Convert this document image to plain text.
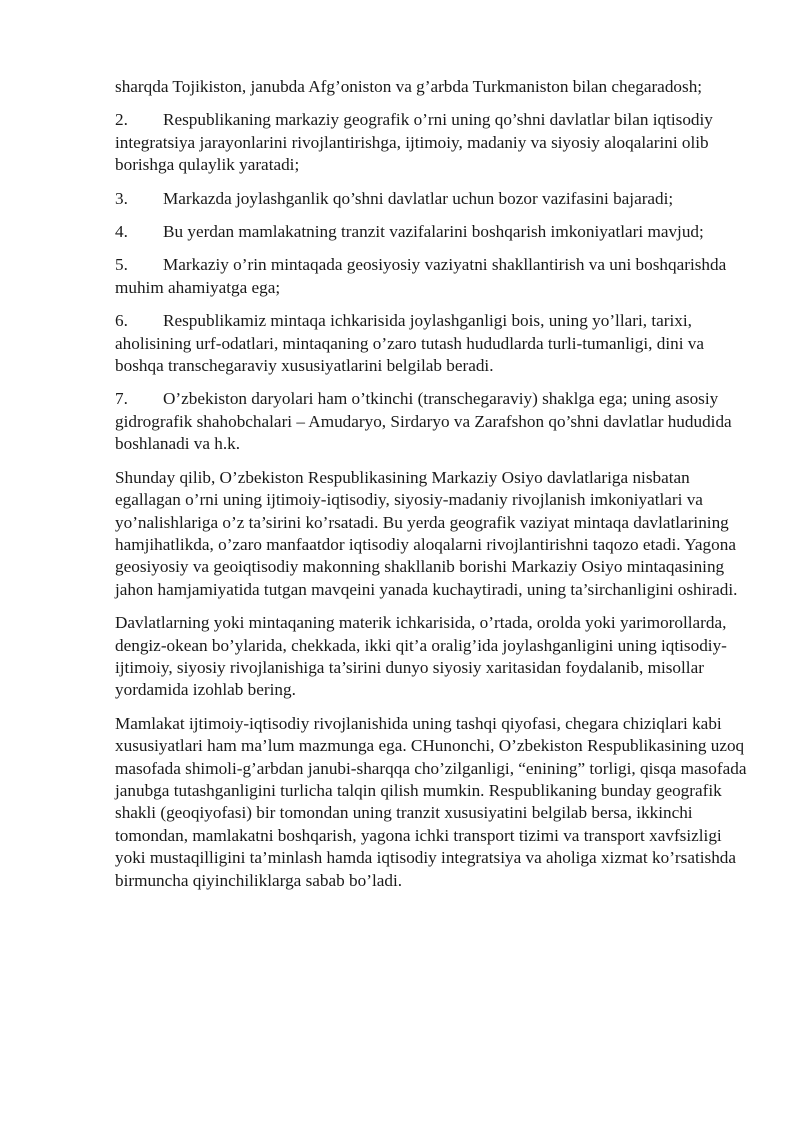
sharqda Tojikiston, janubda Afg’oniston va g’arbda Turkmaniston bilan chegaradosh;

2. Respublikaning markaziy geografik o’rni uning qo’shni davlatlar bilan iqtisodiy integratsiya jarayonlarini rivojlantirishga, ijtimoiy, madaniy va siyosiy aloqalarini olib borishga qulaylik yaratadi;
3. Markazda joylashganlik qo’shni davlatlar uchun bozor vazifasini bajaradi;
4. Bu yerdan mamlakatning tranzit vazifalarini boshqarish imkoniyatlari mavjud;
5. Markaziy o’rin mintaqada geosiyosiy vaziyatni shakllantirish va uni boshqarishda muhim ahamiyatga ega;
6. Respublikamiz mintaqa ichkarisida joylashganligi bois, uning yo’llari, tarixi, aholisining urf-odatlari, mintaqaning o’zaro tutash hududlarda turli-tumanligi, dini va boshqa transchegaraviy xususiyatlarini belgilab beradi.
7. O’zbekiston daryolari ham o’tkinchi (transchegaraviy) shaklga ega; uning asosiy gidrografik shahobchalari – Amudaryo, Sirdaryo va Zarafshon qo’shni davlatlar hududida boshlanadi va h.k.

Shunday qilib, O’zbekiston Respublikasining Markaziy Osiyo davlatlariga nisbatan egallagan o’rni uning ijtimoiy-iqtisodiy, siyosiy-madaniy rivojlanish imkoniyatlari va yo’nalishlariga o’z ta’sirini ko’rsatadi. Bu yerda geografik vaziyat mintaqa davlatlarining hamjihatlikda, o’zaro manfaatdor iqtisodiy aloqalarni rivojlantirishni taqozo etadi. Yagona geosiyosiy va geoiqtisodiy makonning shakllanib borishi Markaziy Osiyo mintaqasining jahon hamjamiyatida tutgan mavqeini yanada kuchaytiradi, uning ta’sirchanligini oshiradi.

Davlatlarning yoki mintaqaning materik ichkarisida, o’rtada, orolda yoki yarimorollarda, dengiz-okean bo’ylarida, chekkada, ikki qit’a oralig’ida joylashganligini uning iqtisodiy-ijtimoiy, siyosiy rivojlanishiga ta’sirini dunyo siyosiy xaritasidan foydalanib, misollar yordamida izohlab bering.

Mamlakat ijtimoiy-iqtisodiy rivojlanishida uning tashqi qiyofasi, chegara chiziqlari kabi xususiyatlari ham ma’lum mazmunga ega. CHunonchi, O’zbekiston Respublikasining uzoq masofada shimoli-g’arbdan janubi-sharqqa cho’zilganligi, “enining” torligi, qisqa masofada janubga tutashganligini turlicha talqin qilish mumkin. Respublikaning bunday geografik shakli (geoqiyofasi) bir tomondan uning tranzit xususiyatini belgilab bersa, ikkinchi tomondan, mamlakatni boshqarish, yagona ichki transport tizimi va transport xavfsizligi yoki mustaqilligini ta’minlash hamda iqtisodiy integratsiya va aholiga xizmat ko’rsatishda birmuncha qiyinchiliklarga sabab bo’ladi.
